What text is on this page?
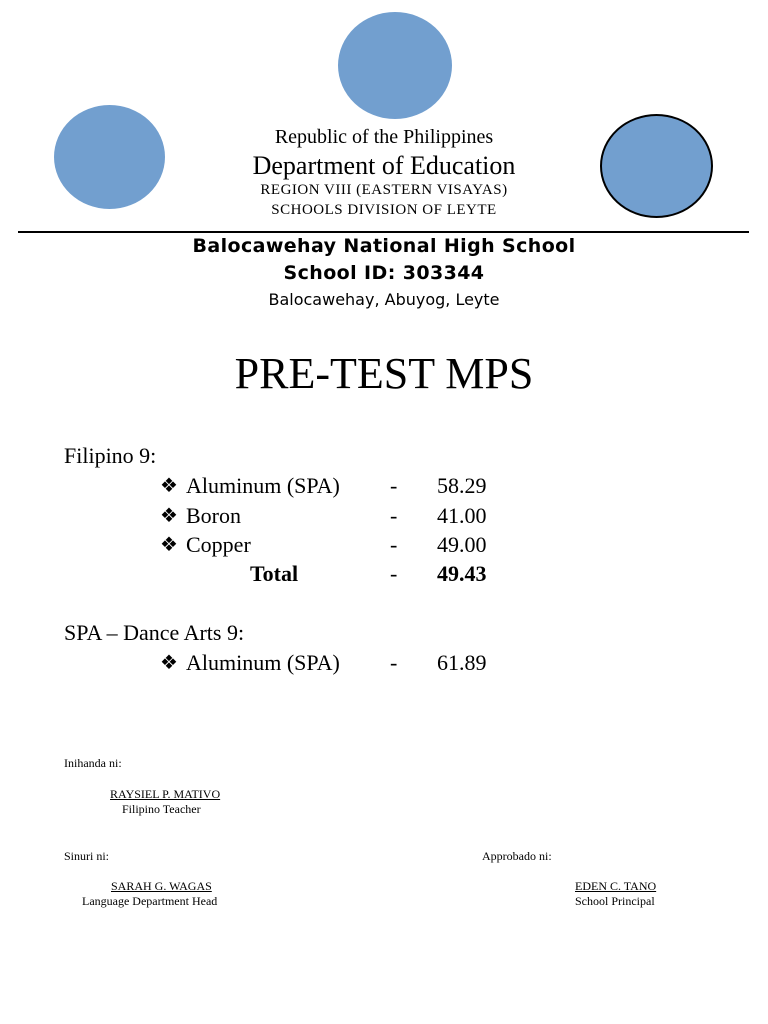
Republic of the Philippines
Department of Education
REGION VIII (EASTERN VISAYAS)
SCHOOLS DIVISION OF LEYTE
Balocawehay National High School
School ID: 303344
Balocawehay, Abuyog, Leyte
PRE-TEST MPS
Filipino 9:
❖ Aluminum (SPA) - 58.29
❖ Boron	- 41.00
❖ Copper	- 49.00
Total	- 49.43
SPA – Dance Arts 9:
❖ Aluminum (SPA) - 61.89
Inihanda ni:
RAYSIEL P. MATIVO
Filipino Teacher
Sinuri ni:
SARAH G. WAGAS
Language Department Head
Approbado ni:
EDEN C. TANO
School Principal
